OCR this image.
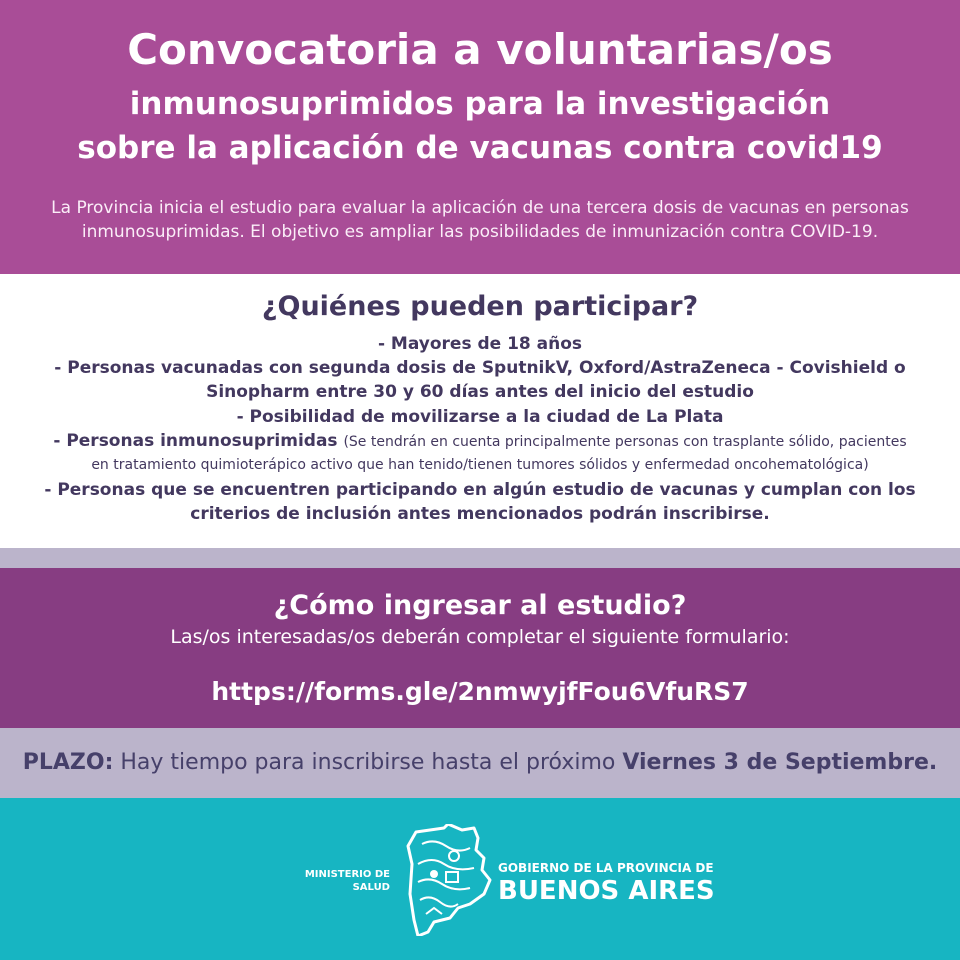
Convocatoria a voluntarias/os
inmunosuprimidos para la investigación
sobre la aplicación de vacunas contra covid19
La Provincia inicia el estudio para evaluar la aplicación de una tercera dosis de vacunas en personas inmunosuprimidas. El objetivo es ampliar las posibilidades de inmunización contra COVID-19.
¿Quiénes pueden participar?
- Mayores de 18 años
- Personas vacunadas con segunda dosis de SputnikV, Oxford/AstraZeneca - Covishield o Sinopharm entre 30 y 60 días antes del inicio del estudio
- Posibilidad de movilizarse a la ciudad de La Plata
- Personas inmunosuprimidas (Se tendrán en cuenta principalmente personas con trasplante sólido, pacientes
en tratamiento quimioterápico activo que han tenido/tienen tumores sólidos y enfermedad oncohematológica)
- Personas que se encuentren participando en algún estudio de vacunas y cumplan con los criterios de inclusión antes mencionados podrán inscribirse.
¿Cómo ingresar al estudio?
Las/os interesadas/os deberán completar el siguiente formulario:
https://forms.gle/2nmwyjfFou6VfuRS7
PLAZO: Hay tiempo para inscribirse hasta el próximo Viernes 3 de Septiembre.
MINISTERIO DE
SALUD
GOBIERNO DE LA PROVINCIA DE
BUENOS AIRES
